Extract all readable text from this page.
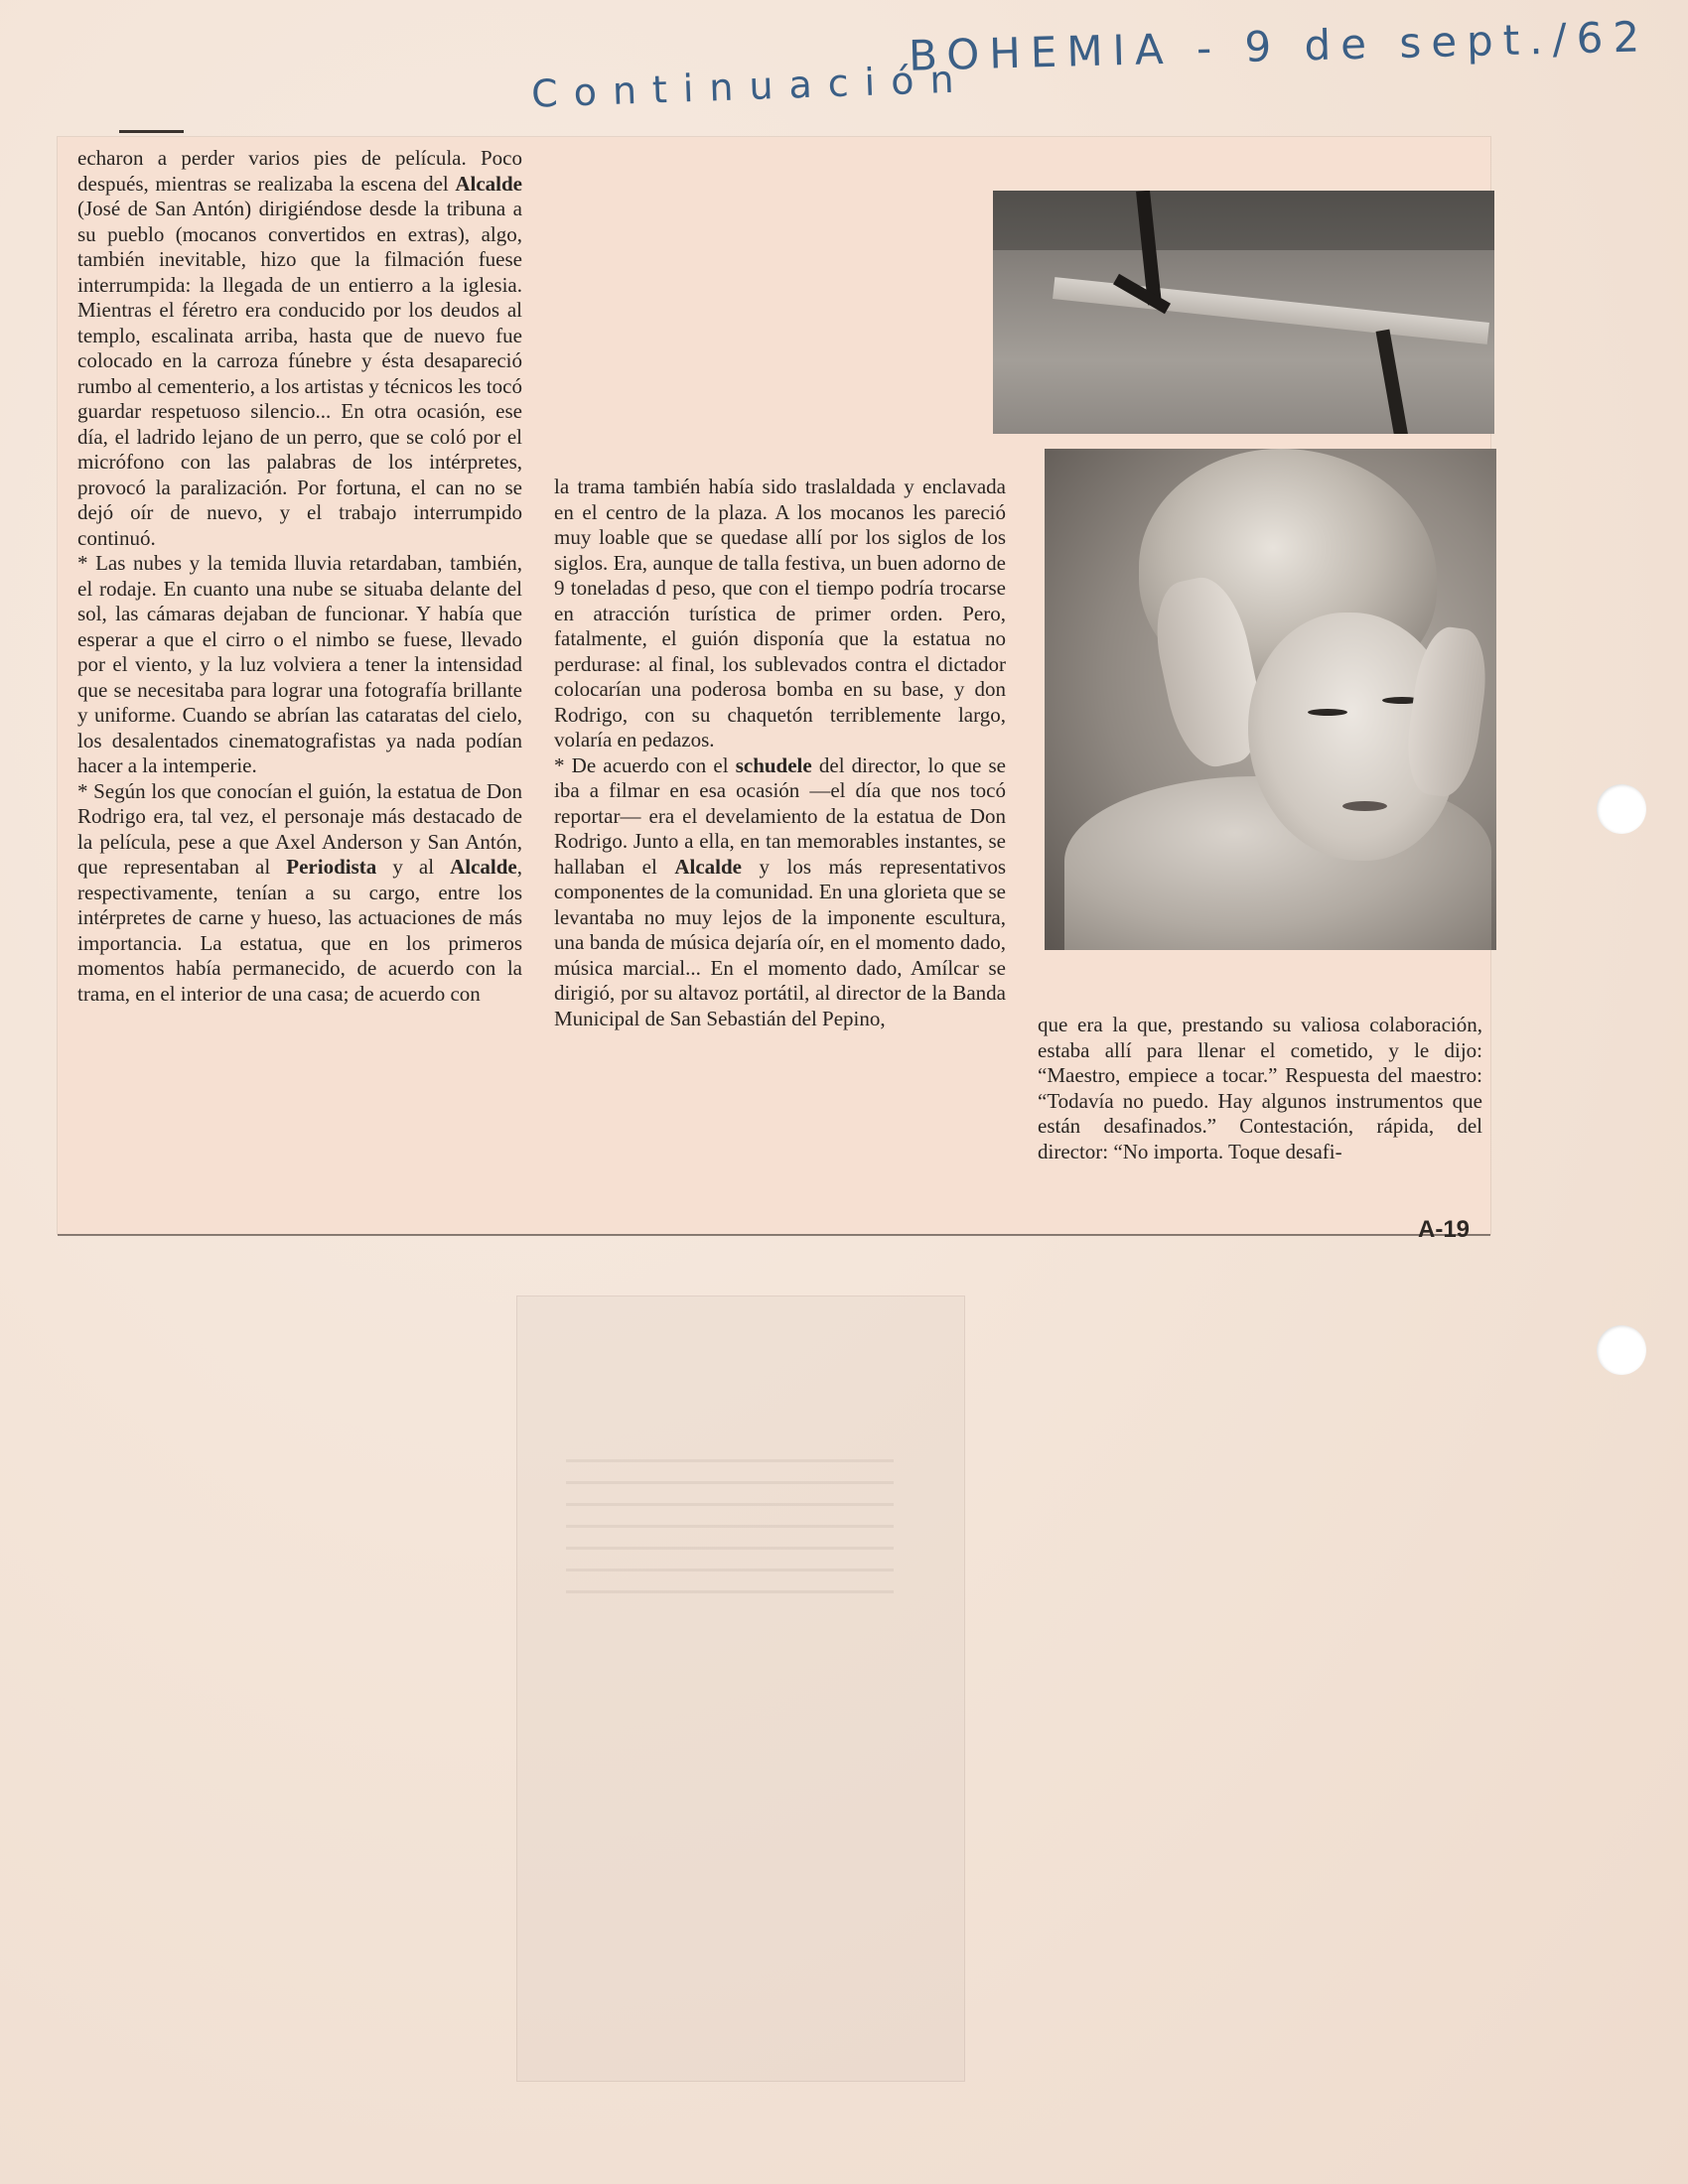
BOHEMIA - 9 de sept./62
Continuación

echaron a perder varios pies de película. Poco después, mientras se realizaba la escena del Alcalde (José de San Antón) dirigiéndose desde la tribuna a su pueblo (mocanos convertidos en extras), algo, también inevitable, hizo que la filmación fuese interrumpida: la llegada de un entierro a la iglesia. Mientras el féretro era conducido por los deudos al templo, escalinata arriba, hasta que de nuevo fue colocado en la carroza fúnebre y ésta desapareció rumbo al cementerio, a los artistas y técnicos les tocó guardar respetuoso silencio... En otra ocasión, ese día, el ladrido lejano de un perro, que se coló por el micrófono con las palabras de los intérpretes, provocó la paralización. Por fortuna, el can no se dejó oír de nuevo, y el trabajo interrumpido continuó.

* Las nubes y la temida lluvia retardaban, también, el rodaje. En cuanto una nube se situaba delante del sol, las cámaras dejaban de funcionar. Y había que esperar a que el cirro o el nimbo se fuese, llevado por el viento, y la luz volviera a tener la intensidad que se necesitaba para lograr una fotografía brillante y uniforme. Cuando se abrían las cataratas del cielo, los desalentados cinematografistas ya nada podían hacer a la intemperie.

* Según los que conocían el guión, la estatua de Don Rodrigo era, tal vez, el personaje más destacado de la película, pese a que Axel Anderson y San Antón, que representaban al Periodista y al Alcalde, respectivamente, tenían a su cargo, entre los intérpretes de carne y hueso, las actuaciones de más importancia. La estatua, que en los primeros momentos había permanecido, de acuerdo con la trama, en el interior de una casa; de acuerdo con

la trama también había sido traslaldada y enclavada en el centro de la plaza. A los mocanos les pareció muy loable que se quedase allí por los siglos de los siglos. Era, aunque de talla festiva, un buen adorno de 9 toneladas d peso, que con el tiempo podría trocarse en atracción turística de primer orden. Pero, fatalmente, el guión disponía que la estatua no perdurase: al final, los sublevados contra el dictador colocarían una poderosa bomba en su base, y don Rodrigo, con su chaquetón terriblemente largo, volaría en pedazos.

* De acuerdo con el schudele del director, lo que se iba a filmar en esa ocasión —el día que nos tocó reportar— era el develamiento de la estatua de Don Rodrigo. Junto a ella, en tan memorables instantes, se hallaban el Alcalde y los más representativos componentes de la comunidad. En una glorieta que se levantaba no muy lejos de la imponente escultura, una banda de música dejaría oír, en el momento dado, música marcial... En el momento dado, Amílcar se dirigió, por su altavoz portátil, al director de la Banda Municipal de San Sebastián del Pepino,	que era la que, prestando su valiosa colaboración, estaba allí para llenar el cometido, y le dijo: “Maestro, empiece a tocar.” Respuesta del maestro: “Todavía no puedo. Hay algunos instrumentos que están desafinados.” Contestación, rápida, del director: “No importa. Toque desafi-

A-19
